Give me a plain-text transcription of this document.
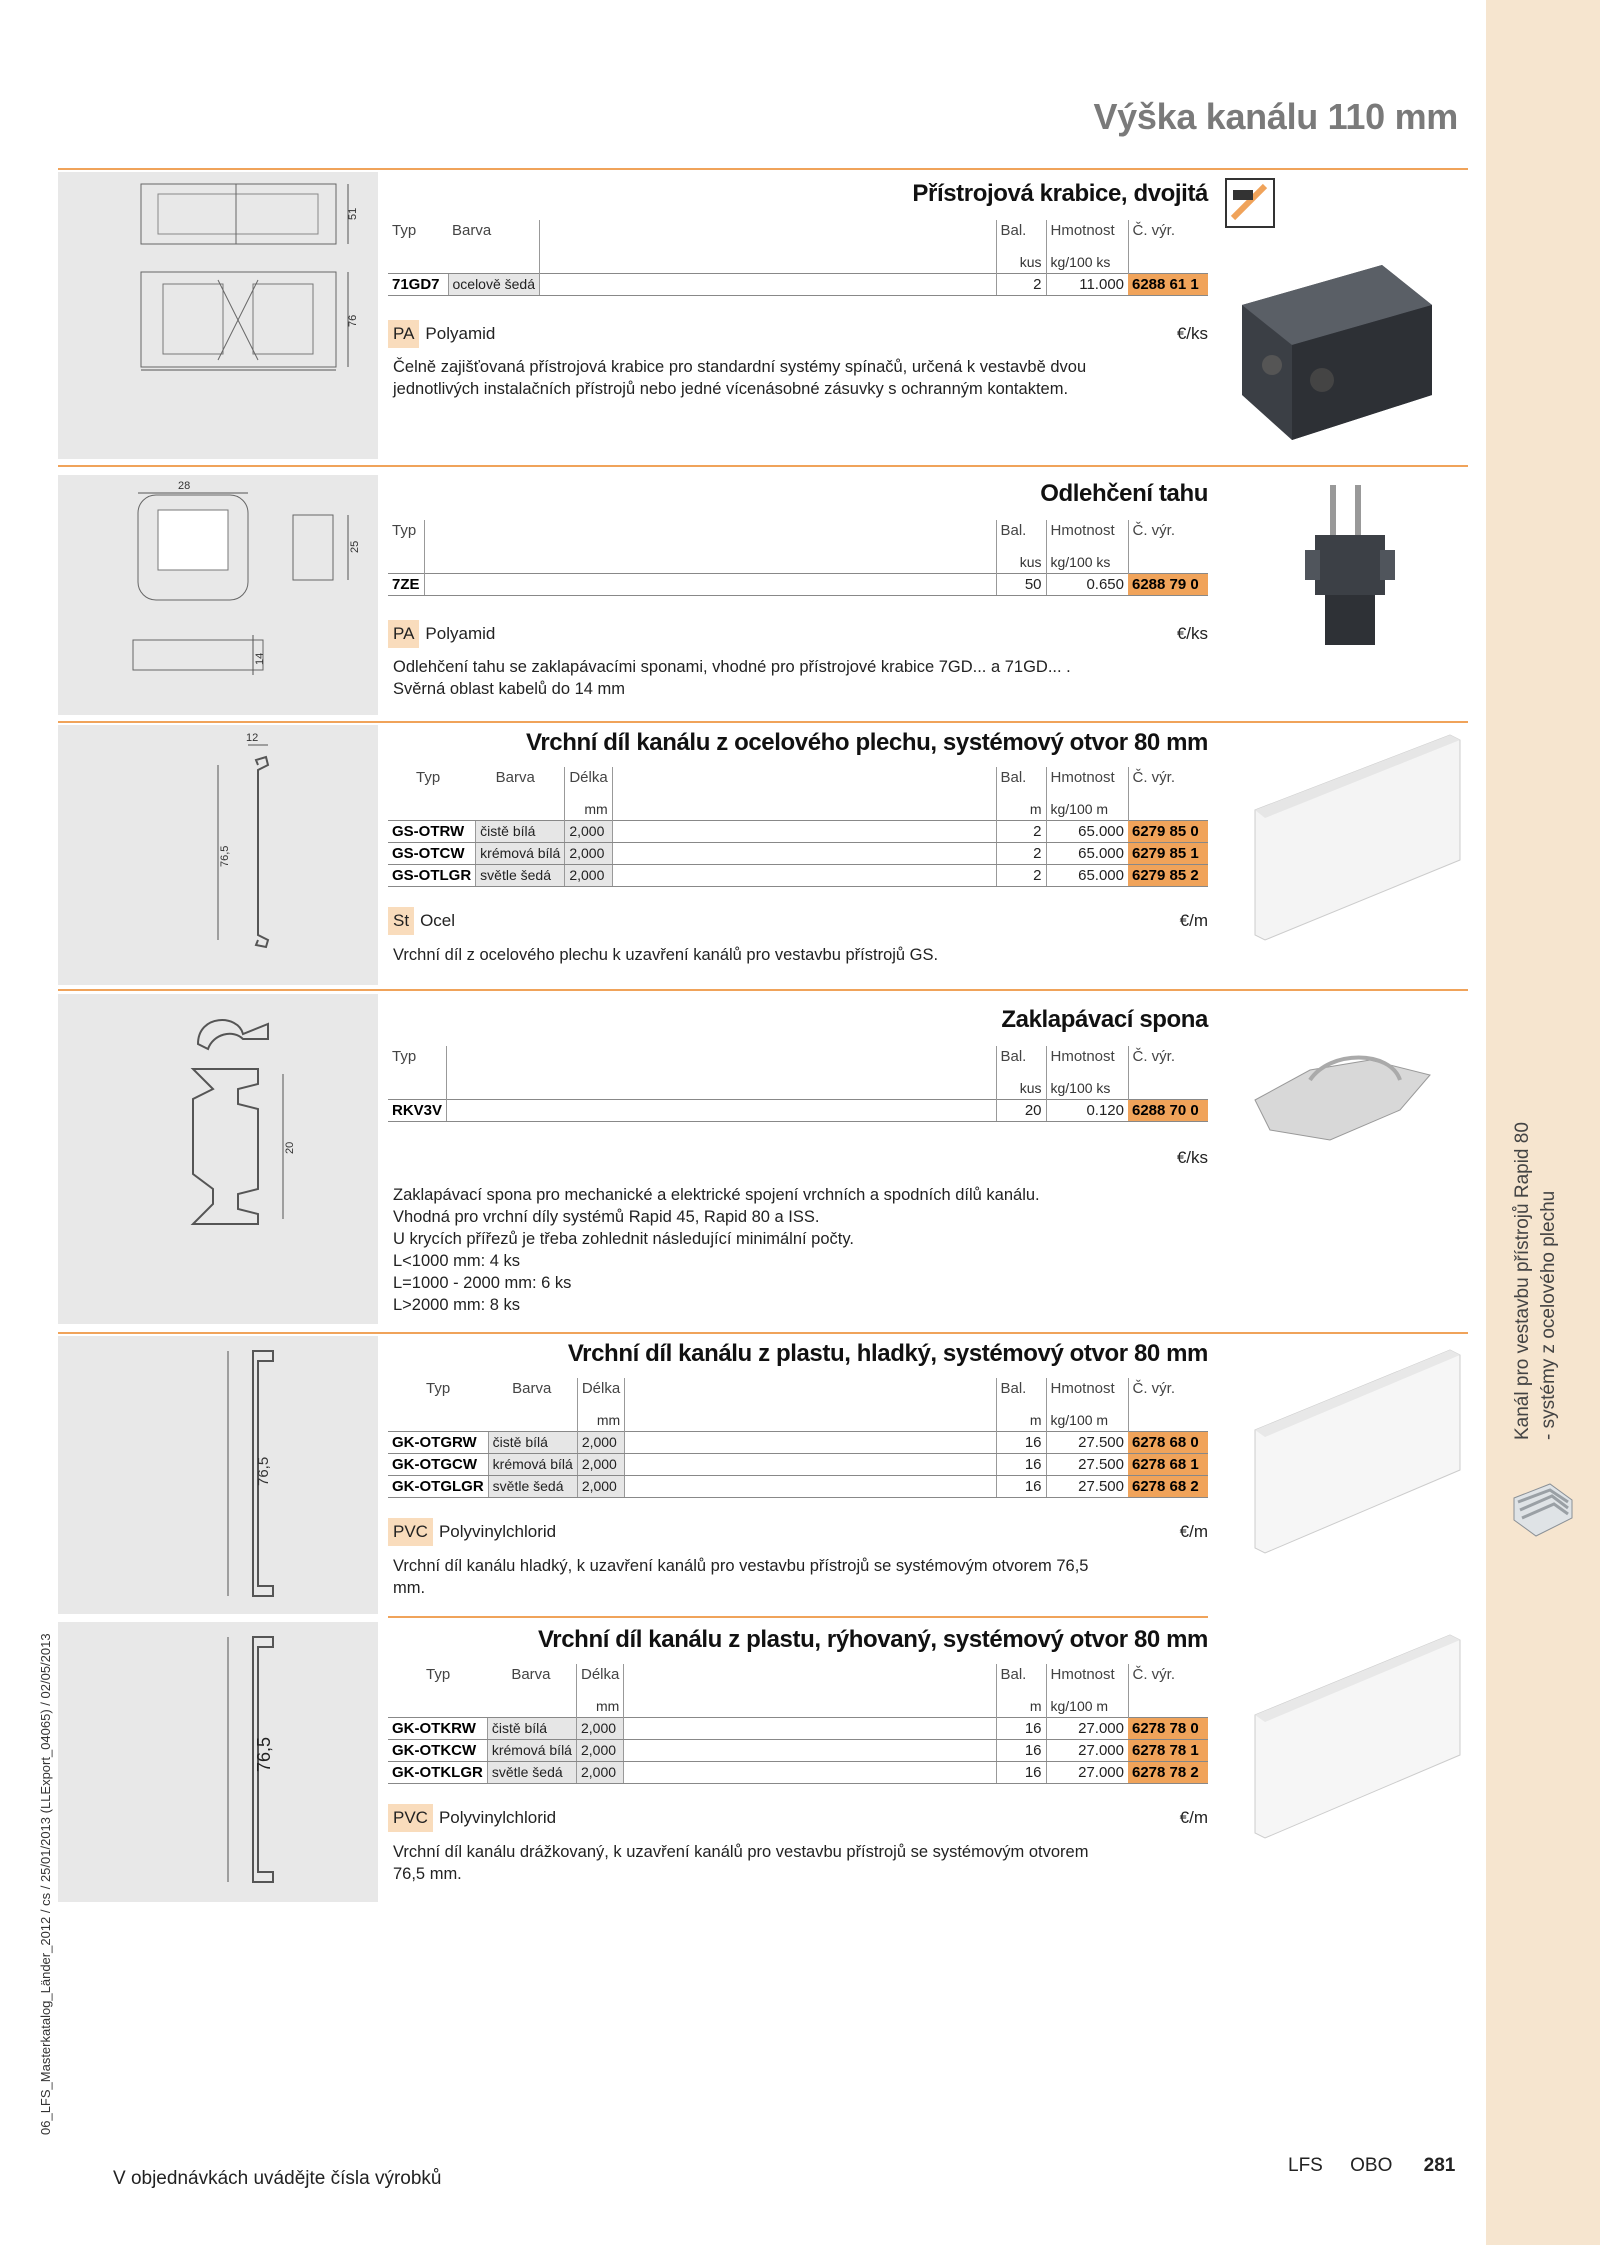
Kanál pro vestavbu přístrojů Rapid 80 - systémy z ocelového plechu
06_LFS_Masterkatalog_Länder_2012 / cs / 25/01/2013 (LLExport_04065) / 02/05/2013
Výška kanálu 110 mm
51
76
Přístrojová krabice, dvojitá
Typ	Barva		Bal.	Hmotnost	Č. výr.
			kus	kg/100 ks	
71GD7	ocelově šedá		2	11.000	6288 61 1
PA Polyamid	€/ks
Čelně zajišťovaná přístrojová krabice pro standardní systémy spínačů, určená k vestavbě dvou
jednotlivých instalačních přístrojů nebo jedné vícenásobné zásuvky s ochranným kontaktem.
28
25
14
Odlehčení tahu
Typ		Bal.	Hmotnost	Č. výr.
		kus	kg/100 ks	
7ZE		50	0.650	6288 79 0
PA Polyamid	€/ks
Odlehčení tahu se zaklapávacími sponami, vhodné pro přístrojové krabice 7GD... a 71GD... .
Svěrná oblast kabelů do 14 mm
12
76,5
Vrchní díl kanálu z ocelového plechu, systémový otvor 80 mm
Typ	Barva	Délka		Bal.	Hmotnost	Č. výr.
		mm		m	kg/100 m	
GS-OTRW	čistě bílá	2,000		2	65.000	6279 85 0
GS-OTCW	krémová bílá	2,000		2	65.000	6279 85 1
GS-OTLGR	světle šedá	2,000		2	65.000	6279 85 2
St Ocel	€/m
Vrchní díl z ocelového plechu k uzavření kanálů pro vestavbu přístrojů GS.
20
Zaklapávací spona
Typ		Bal.	Hmotnost	Č. výr.
		kus	kg/100 ks	
RKV3V		20	0.120	6288 70 0
€/ks
Zaklapávací spona pro mechanické a elektrické spojení vrchních a spodních dílů kanálu.
Vhodná pro vrchní díly systémů Rapid 45, Rapid 80 a ISS.
U krycích přířezů je třeba zohlednit následující minimální počty.
L<1000 mm: 4 ks
L=1000 - 2000 mm: 6 ks
L>2000 mm: 8 ks
76,5
Vrchní díl kanálu z plastu, hladký, systémový otvor 80 mm
Typ	Barva	Délka		Bal.	Hmotnost	Č. výr.
		mm		m	kg/100 m	
GK-OTGRW	čistě bílá	2,000		16	27.500	6278 68 0
GK-OTGCW	krémová bílá	2,000		16	27.500	6278 68 1
GK-OTGLGR	světle šedá	2,000		16	27.500	6278 68 2
PVC Polyvinylchlorid	€/m
Vrchní díl kanálu hladký, k uzavření kanálů pro vestavbu přístrojů se systémovým otvorem 76,5
mm.
76,5
Vrchní díl kanálu z plastu, rýhovaný, systémový otvor 80 mm
Typ	Barva	Délka		Bal.	Hmotnost	Č. výr.
		mm		m	kg/100 m	
GK-OTKRW	čistě bílá	2,000		16	27.000	6278 78 0
GK-OTKCW	krémová bílá	2,000		16	27.000	6278 78 1
GK-OTKLGR	světle šedá	2,000		16	27.000	6278 78 2
PVC Polyvinylchlorid	€/m
Vrchní díl kanálu drážkovaný, k uzavření kanálů pro vestavbu přístrojů se systémovým otvorem
76,5 mm.
V objednávkách uvádějte čísla výrobků
LFS OBO 281
